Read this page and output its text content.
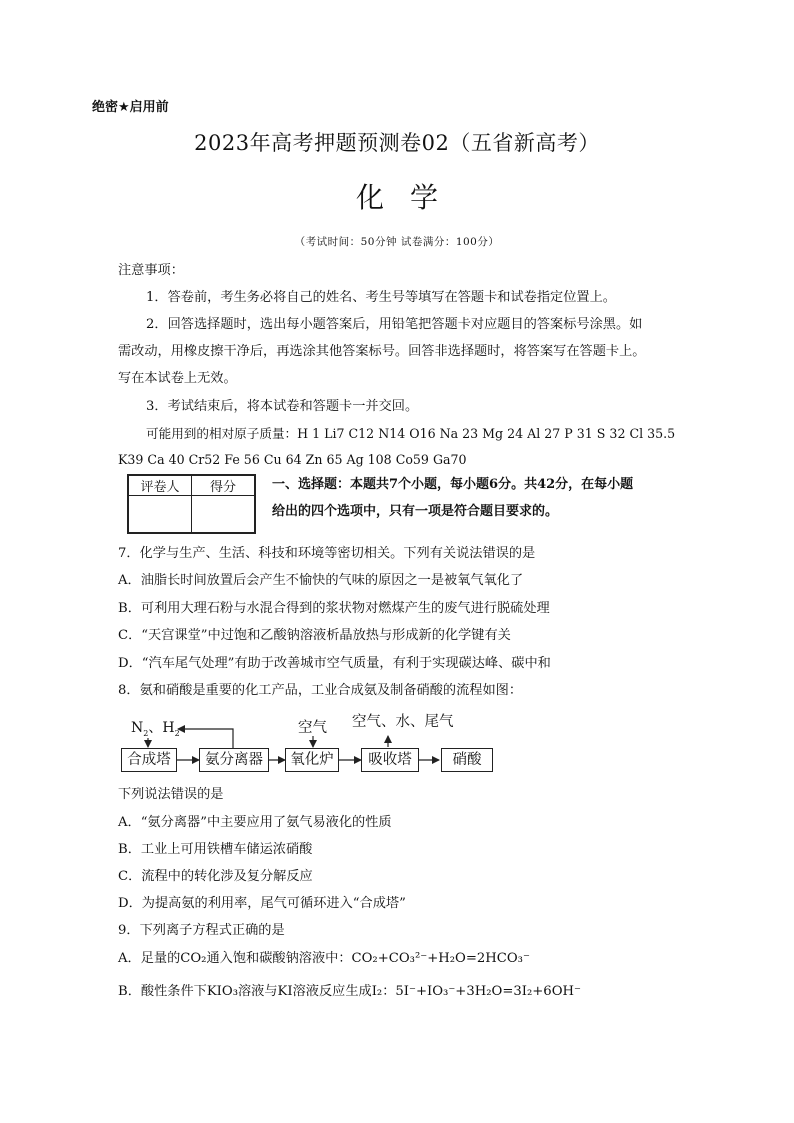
绝密★启用前
2023年高考押题预测卷02（五省新高考）
化学
（考试时间：50分钟 试卷满分：100分）
注意事项：
1．答卷前，考生务必将自己的姓名、考生号等填写在答题卡和试卷指定位置上。
2．回答选择题时，选出每小题答案后，用铅笔把答题卡对应题目的答案标号涂黑。如
需改动，用橡皮擦干净后，再选涂其他答案标号。回答非选择题时，将答案写在答题卡上。
写在本试卷上无效。
3．考试结束后，将本试卷和答题卡一并交回。
可能用到的相对原子质量：H 1 Li7 C12 N14 O16 Na 23 Mg 24 Al 27 P 31 S 32 Cl 35.5
K39 Ca 40 Cr52 Fe 56 Cu 64 Zn 65 Ag 108 Co59 Ga70
评卷人	得分
		一、选择题：本题共7个小题，每小题6分。共42分，在每小题
给出的四个选项中，只有一项是符合题目要求的。
7．化学与生产、生活、科技和环境等密切相关。下列有关说法错误的是
A．油脂长时间放置后会产生不愉快的气味的原因之一是被氧气氧化了
B．可利用大理石粉与水混合得到的浆状物对燃煤产生的废气进行脱硫处理
C．“天宫课堂”中过饱和乙酸钠溶液析晶放热与形成新的化学键有关
D．“汽车尾气处理”有助于改善城市空气质量，有利于实现碳达峰、碳中和
8．氨和硝酸是重要的化工产品，工业合成氨及制备硝酸的流程如图：
$N_2$、$H_2$	空气 空气、水、尾气
合成塔	氨分离器	氧化炉	吸收塔	硝酸
下列说法错误的是
A．“氨分离器”中主要应用了氨气易液化的性质
B．工业上可用铁槽车储运浓硝酸
C．流程中的转化涉及复分解反应
D．为提高氨的利用率，尾气可循环进入“合成塔”
9．下列离子方程式正确的是
A．足量的CO₂通入饱和碳酸钠溶液中：CO₂+CO₃²⁻+H₂O=2HCO₃⁻
B．酸性条件下KIO₃溶液与KI溶液反应生成I₂：5I⁻+IO₃⁻+3H₂O=3I₂+6OH⁻
